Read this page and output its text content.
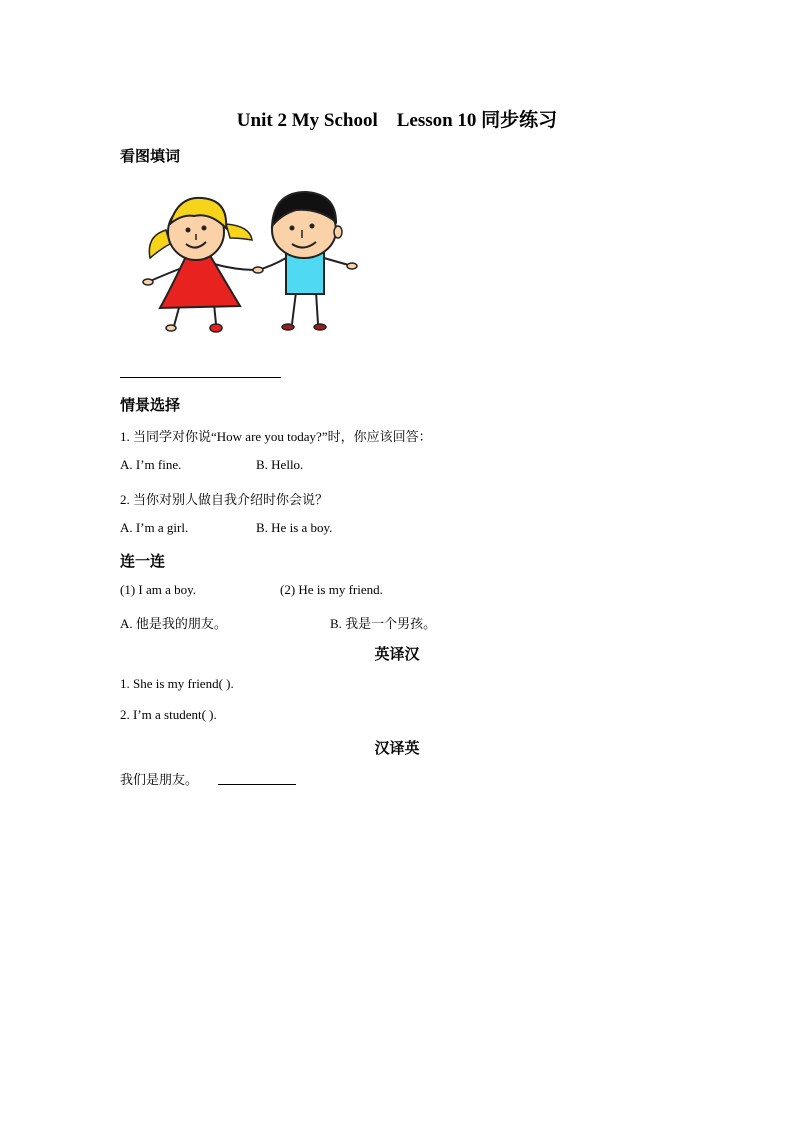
Unit 2 My School　Lesson 10 同步练习
看图填词
情景选择
1. 当同学对你说“How are you today?”时，你应该回答：
A. I’m fine.	B. Hello.
2. 当你对别人做自我介绍时你会说？
A. I’m a girl.	B. He is a boy.
连一连
(1) I am a boy.	(2) He is my friend.
A. 他是我的朋友。	B. 我是一个男孩。
英译汉
1. She is my friend( ).
2. I’m a student( ).
汉译英
我们是朋友。
